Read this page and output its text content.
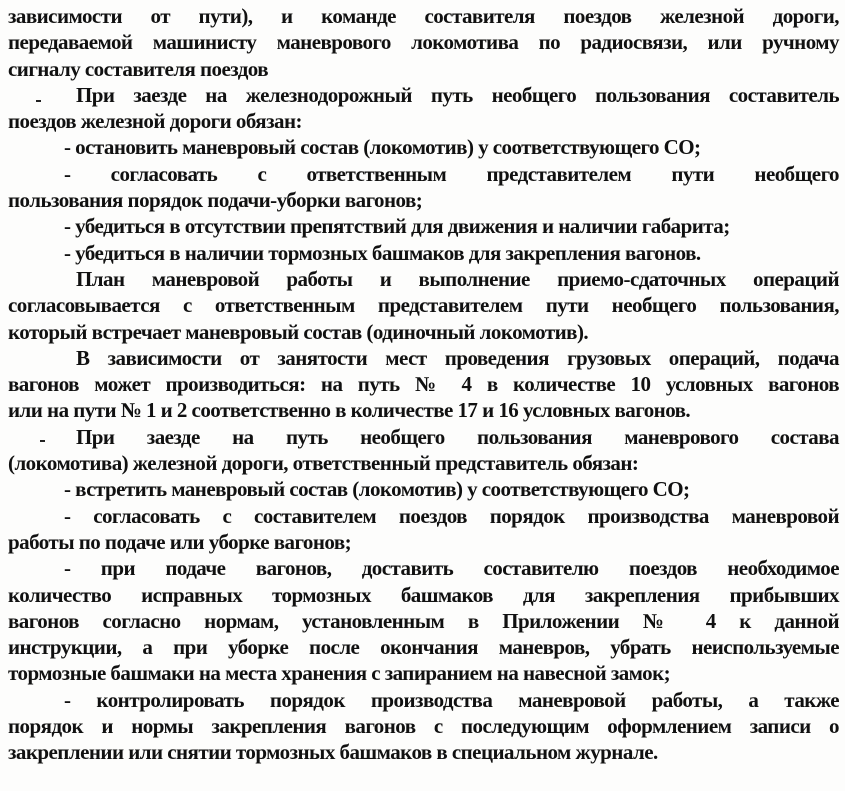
зависимости от пути), и команде составителя поездов железной дороги,
передаваемой машинисту маневрового локомотива по радиосвязи, или ручному
сигналу составителя поездов
При заезде на железнодорожный путь необщего пользования составитель
поездов железной дороги обязан:
- остановить маневровый состав (локомотив) у соответствующего СО;
- согласовать с ответственным представителем пути необщего
пользования порядок подачи-уборки вагонов;
- убедиться в отсутствии препятствий для движения и наличии габарита;
- убедиться в наличии тормозных башмаков для закрепления вагонов.
План маневровой работы и выполнение приемо-сдаточных операций
согласовывается с ответственным представителем пути необщего пользования,
который встречает маневровый состав (одиночный локомотив).
В зависимости от занятости мест проведения грузовых операций, подача
вагонов может производиться: на путь № 4 в количестве 10 условных вагонов
или на пути № 1 и 2 соответственно в количестве 17 и 16 условных вагонов.
При заезде на путь необщего пользования маневрового состава
(локомотива) железной дороги, ответственный представитель обязан:
- встретить маневровый состав (локомотив) у соответствующего СО;
- согласовать с составителем поездов порядок производства маневровой
работы по подаче или уборке вагонов;
- при подаче вагонов, доставить составителю поездов необходимое
количество исправных тормозных башмаков для закрепления прибывших
вагонов согласно нормам, установленным в Приложении № 4 к данной
инструкции, а при уборке после окончания маневров, убрать неиспользуемые
тормозные башмаки на места хранения с запиранием на навесной замок;
- контролировать порядок производства маневровой работы, а также
порядок и нормы закрепления вагонов с последующим оформлением записи о
закреплении или снятии тормозных башмаков в специальном журнале.
